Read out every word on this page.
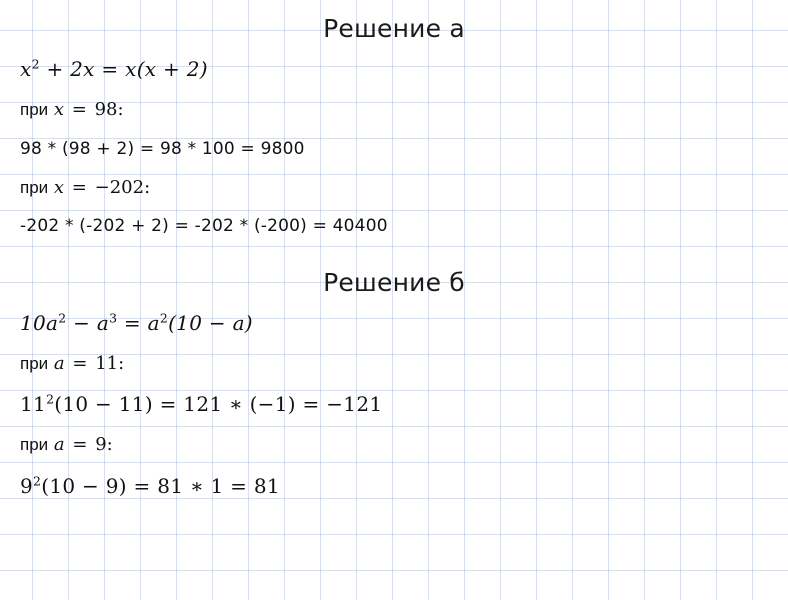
Решение а
$x^2 + 2x = x(x + 2)$
при x = 98:
98 * (98 + 2) = 98 * 100 = 9800
при x = −202:
-202 * (-202 + 2) = -202 * (-200) = 40400
Решение б
$10a^2 - a^3 = a^2(10 - a)$
при a = 11:
$11^2(10 - 11) = 121$ ∗ (−1) = −121
при a = 9:
$9^2(10 - 9) = 81$ ∗ 1 = 81
